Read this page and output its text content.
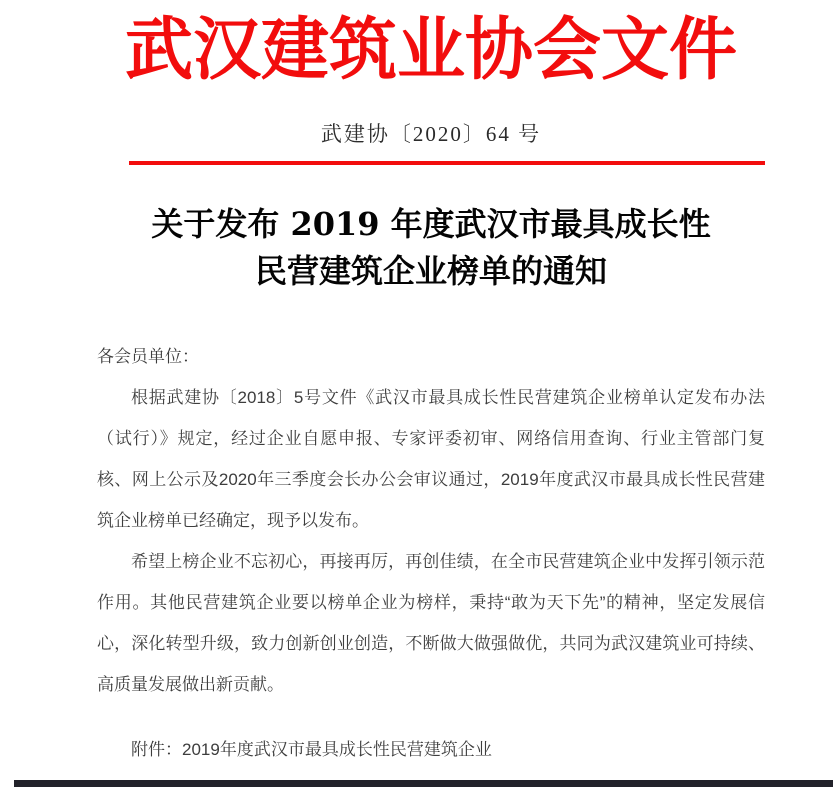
武汉建筑业协会文件
武建协〔2020〕64 号
关于发布 2019 年度武汉市最具成长性
民营建筑企业榜单的通知

各会员单位：

根据武建协〔2018〕5号文件《武汉市最具成长性民营建筑企业榜单认定发布办法（试行）》规定，经过企业自愿申报、专家评委初审、网络信用查询、行业主管部门复核、网上公示及2020年三季度会长办公会审议通过，2019年度武汉市最具成长性民营建筑企业榜单已经确定，现予以发布。

希望上榜企业不忘初心，再接再厉，再创佳绩，在全市民营建筑企业中发挥引领示范作用。其他民营建筑企业要以榜单企业为榜样，秉持“敢为天下先”的精神，坚定发展信心，深化转型升级，致力创新创业创造，不断做大做强做优，共同为武汉建筑业可持续、高质量发展做出新贡献。

附件：2019年度武汉市最具成长性民营建筑企业
